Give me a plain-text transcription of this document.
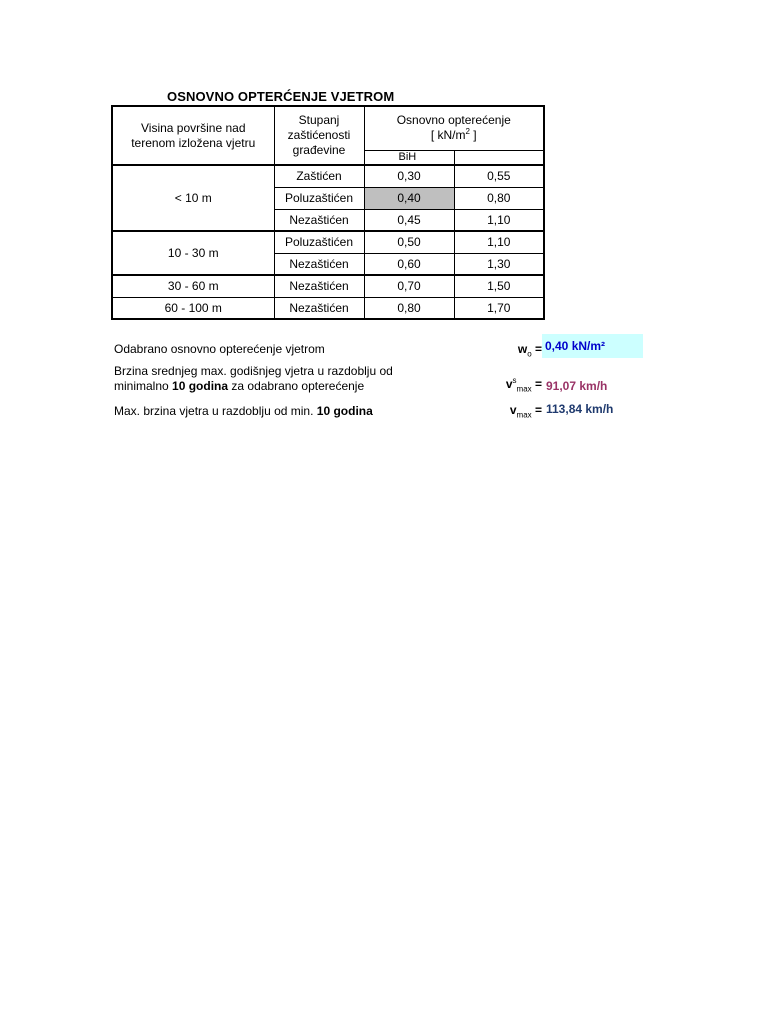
OSNOVNO OPTERĆENJE VJETROM
Visina površine nad terenom izložena vjetru	Stupanj zaštićenosti građevine	Osnovno opterećenje
[ $kN/m^2$ ]	

		BiH	
< 10 m	Zaštićen	0,30	0,55
	Poluzaštićen	0,40	0,80
	Nezaštićen	0,45	1,10
10 - 30 m	Poluzaštićen	0,50	1,10
	Nezaštićen	0,60	1,30
30 - 60 m	Nezaštićen	0,70	1,50
60 - 100 m	Nezaštićen	0,80	1,70
Odabrano osnovno opterećenje vjetrom	$w_o = 0,40$ kN/m²
Brzina srednjeg max. godišnjeg vjetra u razdoblju od
minimalno 10 godina za odabrano opterećenje	$v^s_{max} = 91,07$ km/h
Max. brzina vjetra u razdoblju od min. 10 godina	$v_{max} = 113,84$ km/h
